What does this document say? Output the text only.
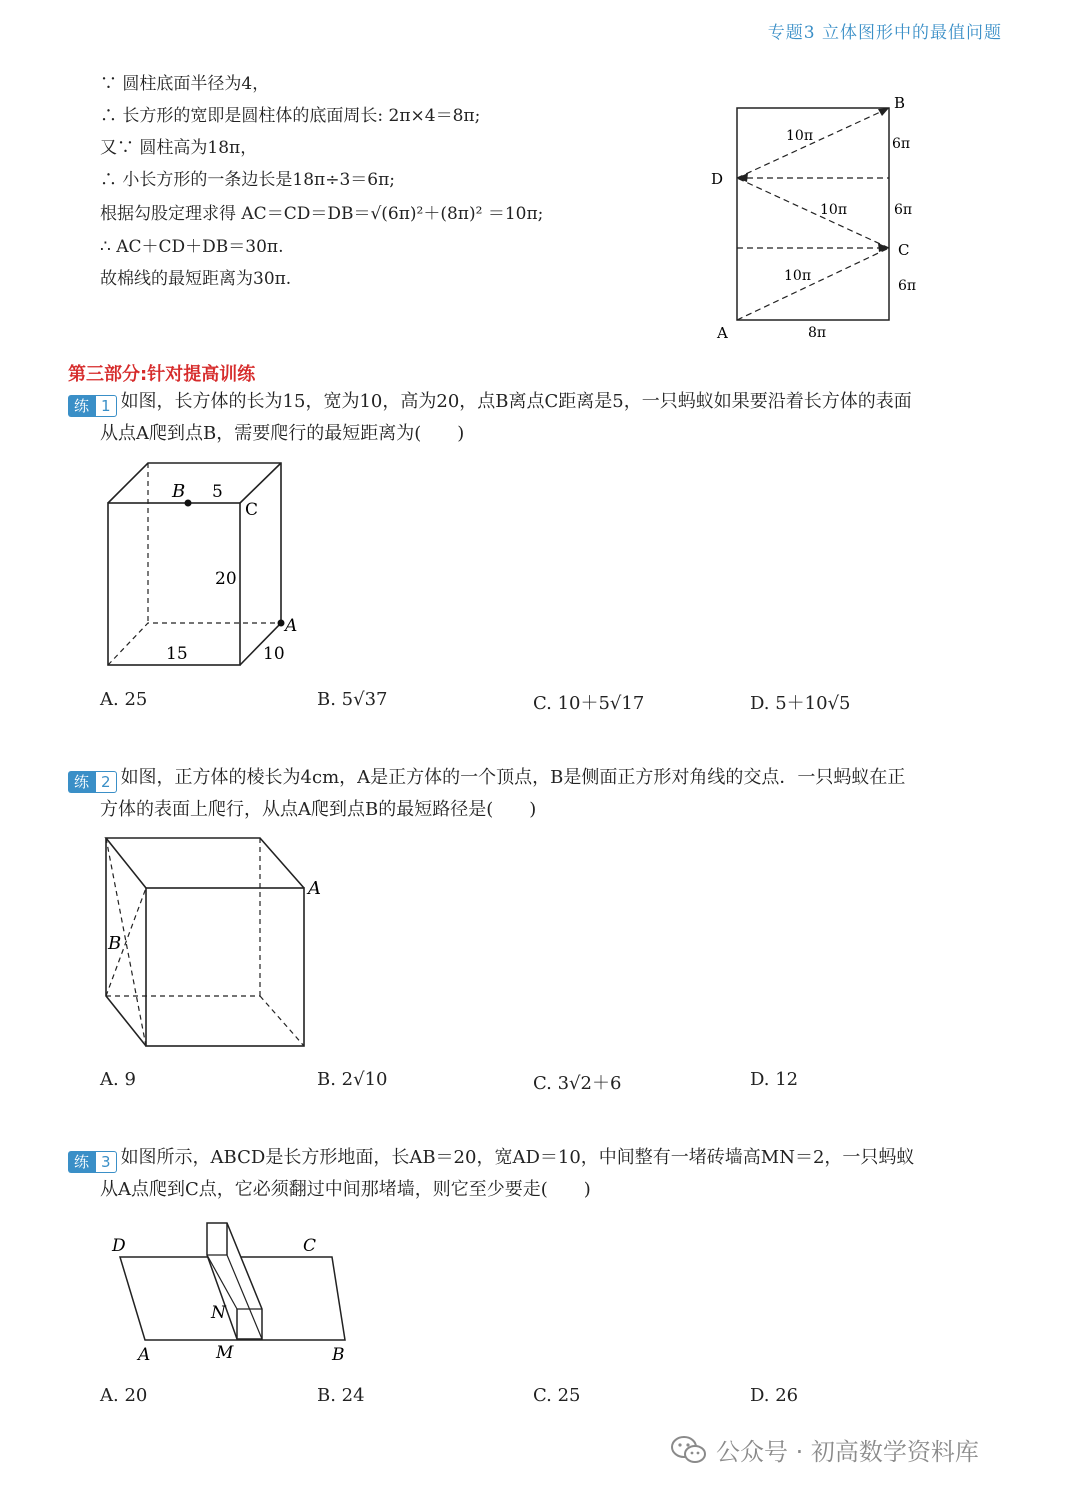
专题3 立体图形中的最值问题
∵ 圆柱底面半径为4，
∴ 长方形的宽即是圆柱体的底面周长: 2π×4＝8π;
又∵ 圆柱高为18π，
∴ 小长方形的一条边长是18π÷3＝6π;
根据勾股定理求得 AC＝CD＝DB＝√(6π)²＋(8π)² ＝10π;
∴ AC＋CD＋DB＝30π.
故棉线的最短距离为30π.
B
D
C
A
10π
10π
10π
6π
6π
6π
8π
第三部分:针对提高训练
练 1 如图，长方体的长为15，宽为10，高为20，点B离点C距离是5，一只蚂蚁如果要沿着长方体的表面
从点A爬到点B，需要爬行的最短距离为(　　)
B 5
C
20
A
15	10
A. 25	B. 5√37	C. 10＋5√17	D. 5＋10√5
练 2 如图，正方体的棱长为4cm，A是正方体的一个顶点，B是侧面正方形对角线的交点．一只蚂蚁在正
方体的表面上爬行，从点A爬到点B的最短路径是(　　)
A
B
A. 9	B. 2√10	C. 3√2＋6	D. 12
练 3 如图所示，ABCD是长方形地面，长AB＝20，宽AD＝10，中间整有一堵砖墙高MN＝2，一只蚂蚁
从A点爬到C点，它必须翻过中间那堵墙，则它至少要走(　　)
D	C
N
A	M	B
A. 20	B. 24	C. 25	D. 26
公众号 · 初高数学资料库
